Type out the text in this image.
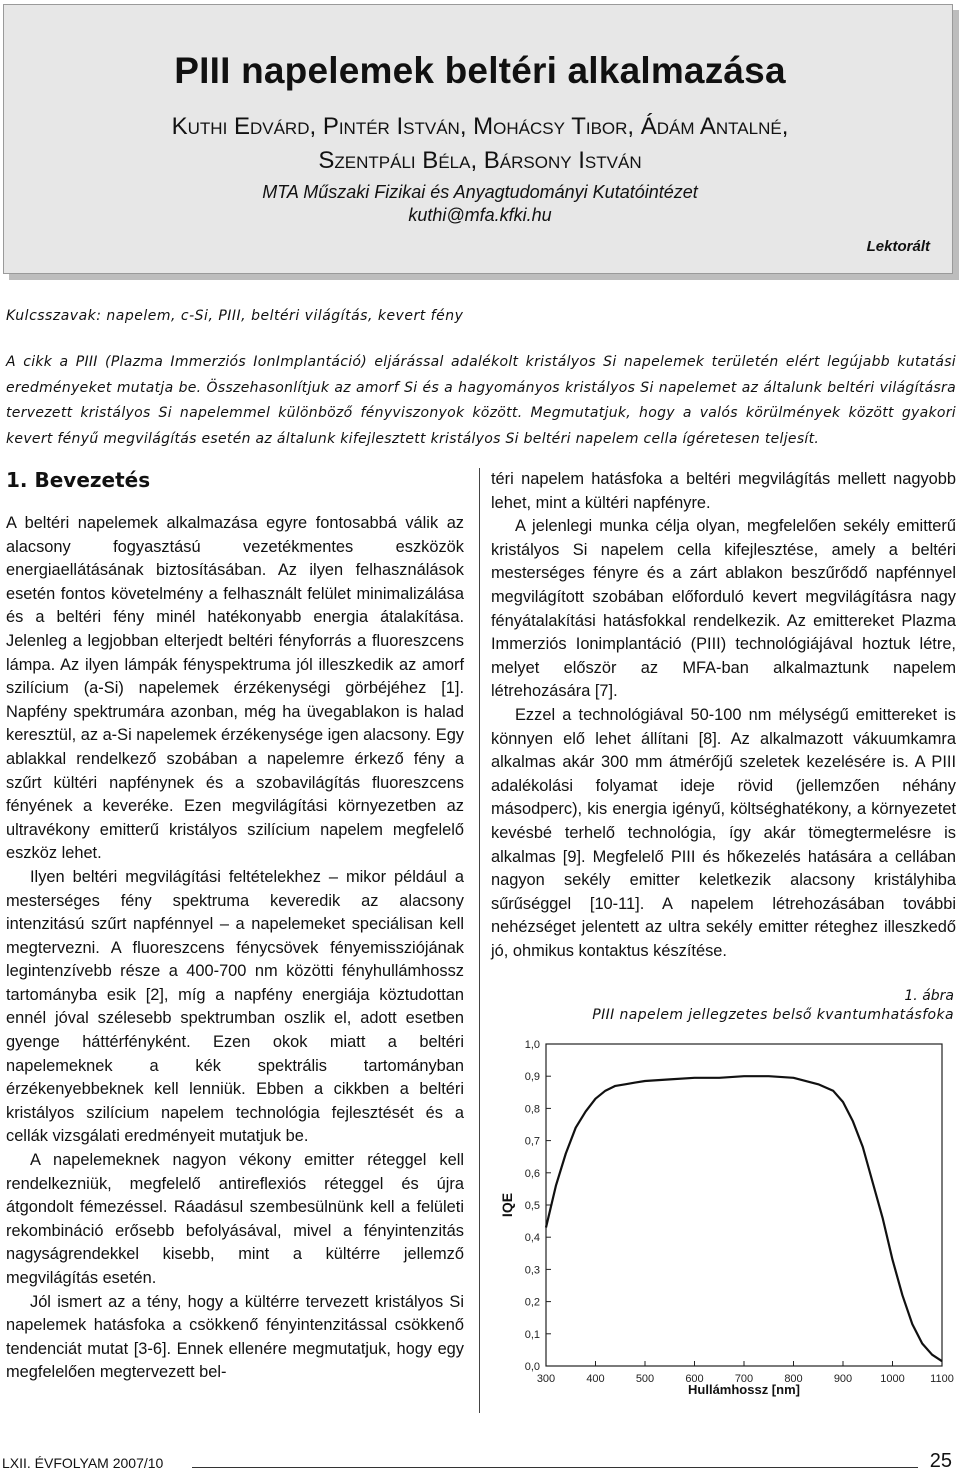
PIII napelemek beltéri alkalmazása
Kuthi Edvárd, Pintér István, Mohácsy Tibor, Ádám Antalné,
Szentpáli Béla, Bársony István
MTA Műszaki Fizikai és Anyagtudományi Kutatóintézet
kuthi@mfa.kfki.hu
Lektorált
Kulcsszavak: napelem, c-Si, PIII, beltéri világítás, kevert fény
A cikk a PIII (Plazma Immerziós IonImplantáció) eljárással adalékolt kristályos Si napelemek területén elért legújabb kutatási eredményeket mutatja be. Összehasonlítjuk az amorf Si és a hagyományos kristályos Si napelemet az általunk beltéri világításra tervezett kristályos Si napelemmel különböző fényviszonyok között. Megmutatjuk, hogy a valós körülmények között gyakori kevert fényű megvilágítás esetén az általunk kifejlesztett kristályos Si beltéri napelem cella ígéretesen teljesít.
1. Bevezetés

A beltéri napelemek alkalmazása egyre fontosabbá válik az alacsony fogyasztású vezetékmentes eszközök energiaellátásának biztosításában. Az ilyen felhasználások esetén fontos követelmény a felhasznált felület minimalizálása és a beltéri fény minél hatékonyabb energia átalakítása. Jelenleg a legjobban elterjedt beltéri fényforrás a fluoreszcens lámpa. Az ilyen lámpák fényspektruma jól illeszkedik az amorf szilícium (a-Si) napelemek érzékenységi görbéjéhez [1]. Napfény spektrumára azonban, még ha üvegablakon is halad keresztül, az a-Si napelemek érzékenysége igen alacsony. Egy ablakkal rendelkező szobában a napelemre érkező fény a szűrt kültéri napfénynek és a szobavilágítás fluoreszcens fényének a keveréke. Ezen megvilágítási környezetben az ultravékony emitterű kristályos szilícium napelem megfelelő eszköz lehet.

Ilyen beltéri megvilágítási feltételekhez – mikor például a mesterséges fény spektruma keveredik az alacsony intenzitású szűrt napfénnyel – a napelemeket speciálisan kell megtervezni. A fluoreszcens fénycsövek fényemissziójának legintenzívebb része a 400-700 nm közötti fényhullámhossz tartományba esik [2], míg a napfény energiája köztudottan ennél jóval szélesebb spektrumban oszlik el, adott esetben gyenge háttérfényként. Ezen okok miatt a beltéri napelemeknek a kék spektrális tartományban érzékenyebbeknek kell lenniük. Ebben a cikkben a beltéri kristályos szilícium napelem technológia fejlesztését és a cellák vizsgálati eredményeit mutatjuk be.

A napelemeknek nagyon vékony emitter réteggel kell rendelkezniük, megfelelő antireflexiós réteggel és újra átgondolt fémezéssel. Ráadásul szembesülnünk kell a felületi rekombináció erősebb befolyásával, mivel a fényintenzitás nagyságrendekkel kisebb, mint a kültérre jellemző megvilágítás esetén.

Jól ismert az a tény, hogy a kültérre tervezett kristályos Si napelemek hatásfoka a csökkenő fényintenzitással csökkenő tendenciát mutat [3-6]. Ennek ellenére megmutatjuk, hogy egy megfelelően megtervezett bel-

téri napelem hatásfoka a beltéri megvilágítás mellett nagyobb lehet, mint a kültéri napfényre.

A jelenlegi munka célja olyan, megfelelően sekély emitterű kristályos Si napelem cella kifejlesztése, amely a beltéri mesterséges fényre és a zárt ablakon beszűrődő napfénnyel megvilágított szobában előforduló kevert megvilágításra nagy fényátalakítási hatásfokkal rendelkezik. Az emittereket Plazma Immerziós Ionimplantáció (PIII) technológiájával hoztuk létre, melyet először az MFA-ban alkalmaztunk napelem létrehozására [7].

Ezzel a technológiával 50-100 nm mélységű emittereket is könnyen elő lehet állítani [8]. Az alkalmazott vákuumkamra alkalmas akár 300 mm átmérőjű szeletek kezelésére is. A PIII adalékolási folyamat ideje rövid (jellemzően néhány másodperc), kis energia igényű, költséghatékony, a környezetet kevésbé terhelő technológia, így akár tömegtermelésre is alkalmas [9]. Megfelelő PIII és hőkezelés hatására a cellában nagyon sekély emitter keletkezik alacsony kristályhiba sűrűséggel [10-11]. A napelem létrehozásában további nehézséget jelentett az ultra sekély emitter réteghez illeszkedő jó, ohmikus kontaktus készítése.

1. ábra
PIII napelem jellegzetes belső kvantumhatásfoka
0,0
0,1
0,2
0,3
0,4
0,5
0,6
0,7
0,8
0,9
1,0
300	400	500	600	700	800	900	1000 1100
Hullámhossz [nm]
IQE
LXII. ÉVFOLYAM 2007/10	25
